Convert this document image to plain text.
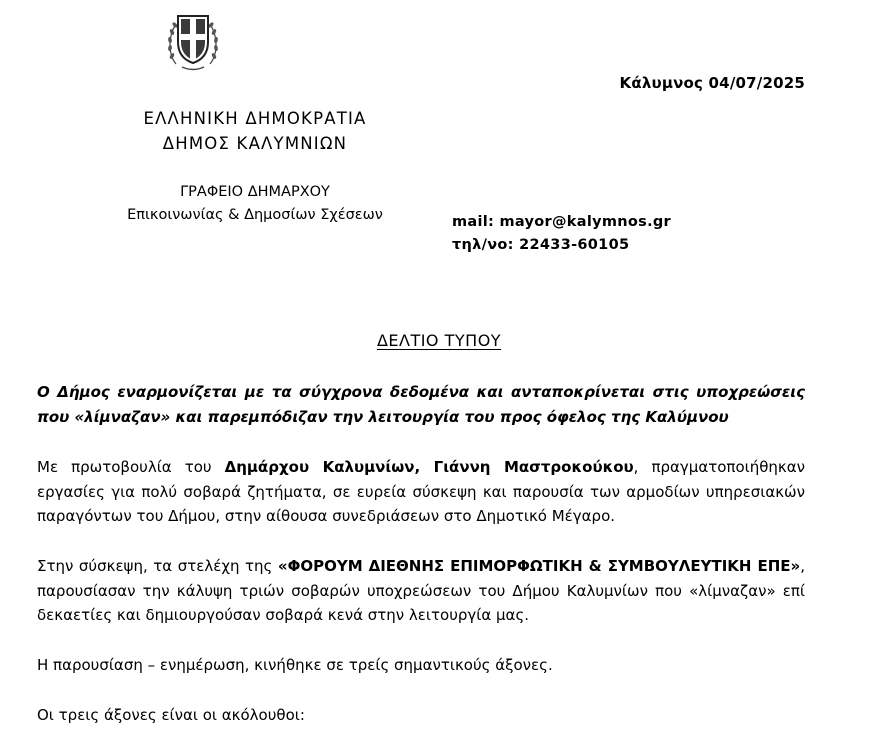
Κάλυμνος 04/07/2025
ΕΛΛΗΝΙΚΗ ΔΗΜΟΚΡΑΤΙΑ
ΔΗΜΟΣ ΚΑΛΥΜΝΙΩΝ
ΓΡΑΦΕΙΟ ΔΗΜΑΡΧΟΥ
Επικοινωνίας & Δημοσίων Σχέσεων	mail: mayor@kalymnos.gr
τηλ/νο: 22433-60105
ΔΕΛΤΙΟ ΤΥΠΟΥ
Ο Δήμος εναρμονίζεται με τα σύγχρονα δεδομένα και ανταποκρίνεται στις υποχρεώσεις που «λίμναζαν» και παρεμπόδιζαν την λειτουργία του προς όφελος της Καλύμνου
Με πρωτοβουλία του Δημάρχου Καλυμνίων, Γιάννη Μαστροκούκου, πραγματοποιήθηκαν εργασίες για πολύ σοβαρά ζητήματα, σε ευρεία σύσκεψη και παρουσία των αρμοδίων υπηρεσιακών παραγόντων του Δήμου, στην αίθουσα συνεδριάσεων στο Δημοτικό Μέγαρο.
Στην σύσκεψη, τα στελέχη της «ΦΟΡΟΥΜ ΔΙΕΘΝΗΣ ΕΠΙΜΟΡΦΩΤΙΚΗ & ΣΥΜΒΟΥΛΕΥΤΙΚΗ ΕΠΕ», παρουσίασαν την κάλυψη τριών σοβαρών υποχρεώσεων του Δήμου Καλυμνίων που «λίμναζαν» επί δεκαετίες και δημιουργούσαν σοβαρά κενά στην λειτουργία μας.
Η παρουσίαση – ενημέρωση, κινήθηκε σε τρείς σημαντικούς άξονες.
Οι τρεις άξονες είναι οι ακόλουθοι:
